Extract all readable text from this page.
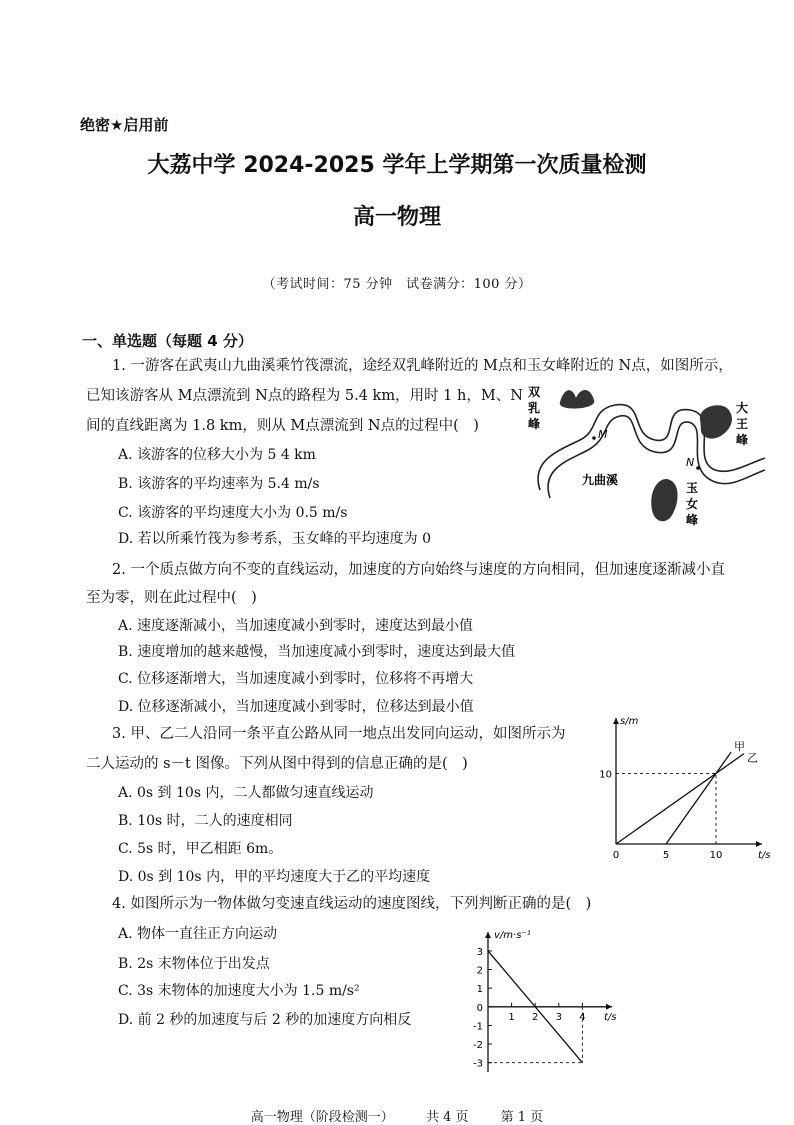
绝密★启用前
大荔中学 2024-2025 学年上学期第一次质量检测
高一物理
（考试时间：75 分钟　试卷满分：100 分）
一、单选题（每题 4 分）
1. 一游客在武夷山九曲溪乘竹筏漂流，途经双乳峰附近的 M点和玉女峰附近的 N点，如图所示，
已知该游客从 M点漂流到 N点的路程为 5.4 km，用时 1 h，M、N
间的直线距离为 1.8 km，则从 M点漂流到 N点的过程中(　)
A. 该游客的位移大小为 5 4 km
B. 该游客的平均速率为 5.4 m/s
C. 该游客的平均速度大小为 0.5 m/s
D. 若以所乘竹筏为参考系，玉女峰的平均速度为 0
M
N
双
乳
峰
大
王
峰
玉
女
峰
九曲溪
2. 一个质点做方向不变的直线运动，加速度的方向始终与速度的方向相同，但加速度逐渐减小直
至为零，则在此过程中(　)
A. 速度逐渐减小，当加速度减小到零时，速度达到最小值
B. 速度增加的越来越慢，当加速度减小到零时，速度达到最大值
C. 位移逐渐增大，当加速度减小到零时，位移将不再增大
D. 位移逐渐减小，当加速度减小到零时，位移达到最小值
3. 甲、乙二人沿同一条平直公路从同一地点出发同向运动，如图所示为
二人运动的 s－t 图像。下列从图中得到的信息正确的是(　)
A. 0s 到 10s 内，二人都做匀速直线运动
B. 10s 时，二人的速度相同
C. 5s 时，甲乙相距 6m。
D. 0s 到 10s 内，甲的平均速度大于乙的平均速度
甲
乙
s/m
t/s
0	5	10
10
4. 如图所示为一物体做匀变速直线运动的速度图线，下列判断正确的是(　)
A. 物体一直往正方向运动
B. 2s 末物体位于出发点
C. 3s 末物体的加速度大小为 1.5 m/s²
D. 前 2 秒的加速度与后 2 秒的加速度方向相反
3
2
1
0
-1
-2
-3
1 2 3 4
v/m·s⁻¹
t/s
高一物理（阶段检测一） 共 4 页 第 1 页
